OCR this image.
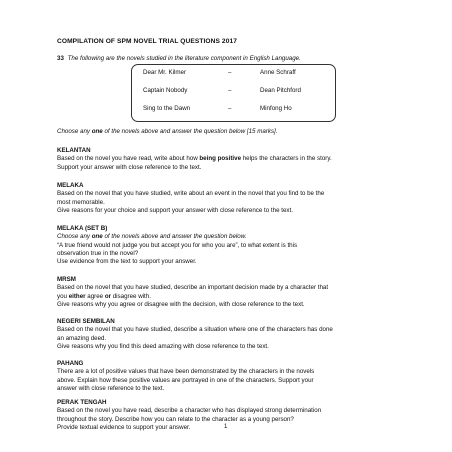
COMPILATION OF SPM NOVEL TRIAL QUESTIONS 2017
33 The following are the novels studied in the literature component in English Language.
Dear Mr. Kilmer	–	Anne Schraff
Captain Nobody	–	Dean Pitchford
Sing to the Dawn	–	Minfong Ho
Choose any one of the novels above and answer the question below [15 marks].
KELANTAN
Based on the novel you have read, write about how being positive helps the characters in the story.
Support your answer with close reference to the text.
MELAKA
Based on the novel that you have studied, write about an event in the novel that you find to be the
most memorable.
Give reasons for your choice and support your answer with close reference to the text.
MELAKA (SET B)
Choose any one of the novels above and answer the question below.
“A true friend would not judge you but accept you for who you are”, to what extent is this
observation true in the novel?
Use evidence from the text to support your answer.
MRSM
Based on the novel that you have studied, describe an important decision made by a character that
you either agree or disagree with.
Give reasons why you agree or disagree with the decision, with close reference to the text.
NEGERI SEMBILAN
Based on the novel that you have studied, describe a situation where one of the characters has done
an amazing deed.
Give reasons why you find this deed amazing with close reference to the text.
PAHANG
There are a lot of positive values that have been demonstrated by the characters in the novels
above. Explain how these positive values are portrayed in one of the characters. Support your
answer with close reference to the text.
PERAK TENGAH
Based on the novel you have read, describe a character who has displayed strong determination
throughout the story. Describe how you can relate to the character as a young person?
Provide textual evidence to support your answer.	1
